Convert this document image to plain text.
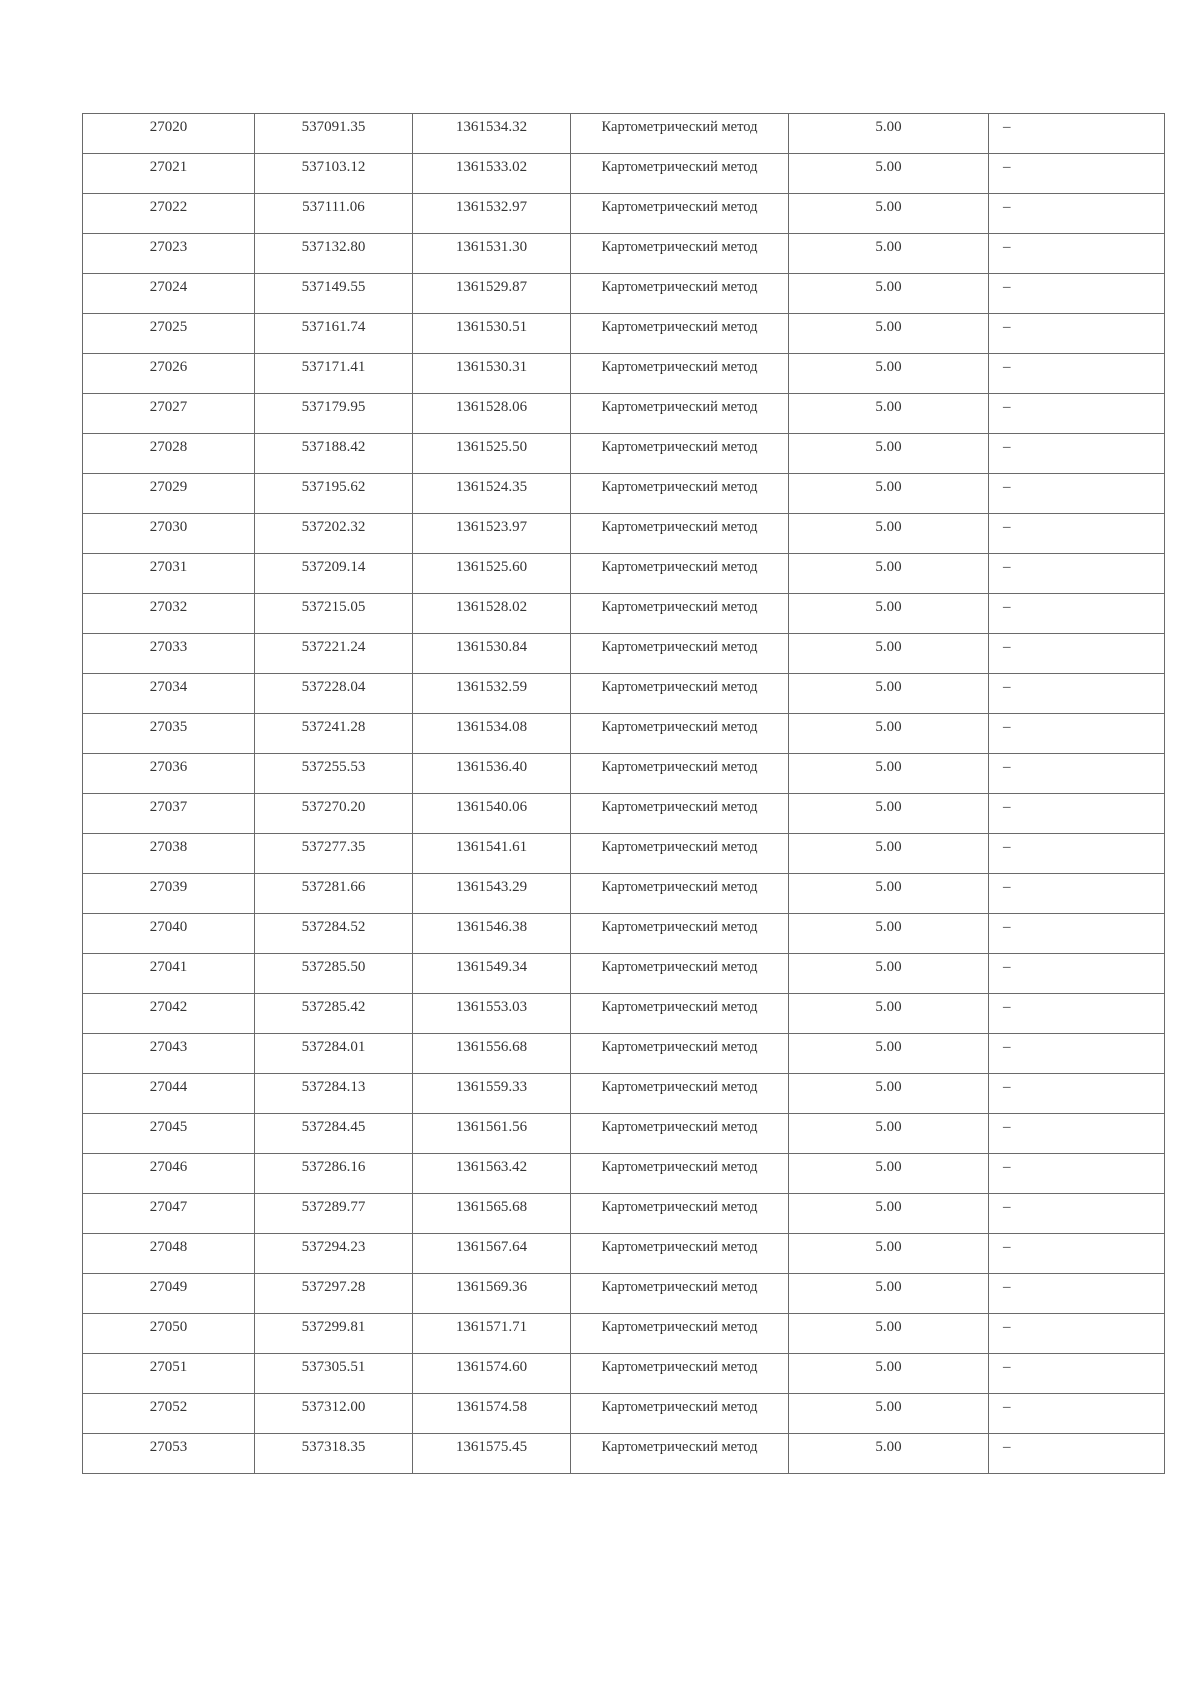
27020	537091.35	1361534.32	Картометрический метод	5.00	–
27021	537103.12	1361533.02	Картометрический метод	5.00	–
27022	537111.06	1361532.97	Картометрический метод	5.00	–
27023	537132.80	1361531.30	Картометрический метод	5.00	–
27024	537149.55	1361529.87	Картометрический метод	5.00	–
27025	537161.74	1361530.51	Картометрический метод	5.00	–
27026	537171.41	1361530.31	Картометрический метод	5.00	–
27027	537179.95	1361528.06	Картометрический метод	5.00	–
27028	537188.42	1361525.50	Картометрический метод	5.00	–
27029	537195.62	1361524.35	Картометрический метод	5.00	–
27030	537202.32	1361523.97	Картометрический метод	5.00	–
27031	537209.14	1361525.60	Картометрический метод	5.00	–
27032	537215.05	1361528.02	Картометрический метод	5.00	–
27033	537221.24	1361530.84	Картометрический метод	5.00	–
27034	537228.04	1361532.59	Картометрический метод	5.00	–
27035	537241.28	1361534.08	Картометрический метод	5.00	–
27036	537255.53	1361536.40	Картометрический метод	5.00	–
27037	537270.20	1361540.06	Картометрический метод	5.00	–
27038	537277.35	1361541.61	Картометрический метод	5.00	–
27039	537281.66	1361543.29	Картометрический метод	5.00	–
27040	537284.52	1361546.38	Картометрический метод	5.00	–
27041	537285.50	1361549.34	Картометрический метод	5.00	–
27042	537285.42	1361553.03	Картометрический метод	5.00	–
27043	537284.01	1361556.68	Картометрический метод	5.00	–
27044	537284.13	1361559.33	Картометрический метод	5.00	–
27045	537284.45	1361561.56	Картометрический метод	5.00	–
27046	537286.16	1361563.42	Картометрический метод	5.00	–
27047	537289.77	1361565.68	Картометрический метод	5.00	–
27048	537294.23	1361567.64	Картометрический метод	5.00	–
27049	537297.28	1361569.36	Картометрический метод	5.00	–
27050	537299.81	1361571.71	Картометрический метод	5.00	–
27051	537305.51	1361574.60	Картометрический метод	5.00	–
27052	537312.00	1361574.58	Картометрический метод	5.00	–
27053	537318.35	1361575.45	Картометрический метод	5.00	–
